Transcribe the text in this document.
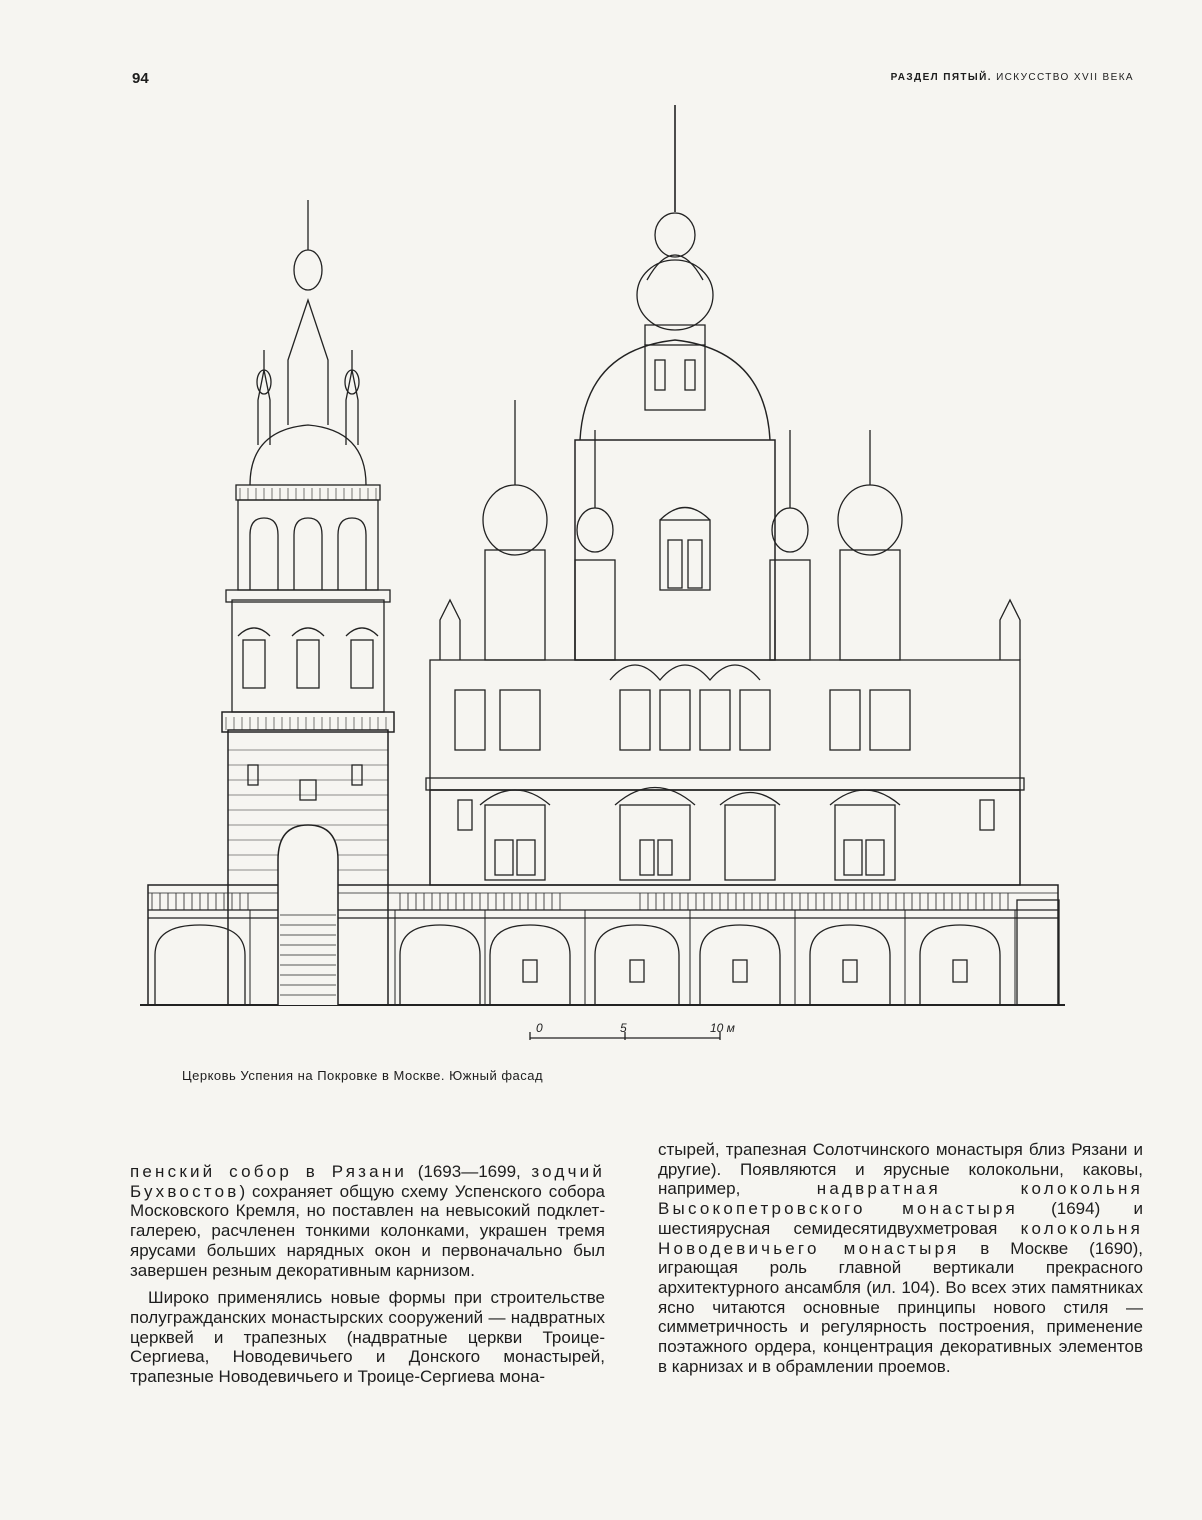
94	РАЗДЕЛ ПЯТЫЙ. ИСКУССТВО XVII ВЕКА
0	5	10 м
Церковь Успения на Покровке в Москве. Южный фасад

пенский собор в Рязани (1693—1699, зодчий Бухвостов) сохраняет общую схему Успенского собора Московского Кремля, но поставлен на невысокий подклет-галерею, расчленен тонкими колонками, украшен тремя ярусами больших нарядных окон и первоначально был завершен резным декоративным карнизом.

Широко применялись новые формы при строительстве полугражданских монастырских сооружений — надвратных церквей и трапезных (надвратные церкви Троице-Сергиева, Новодевичьего и Донского монастырей, трапезные Новодевичьего и Троице-Сергиева мона-

стырей, трапезная Солотчинского монастыря близ Рязани и другие). Появляются и ярусные колокольни, каковы, например, надвратная колокольня Высокопетровского монастыря (1694) и шестиярусная семидесятидвухметровая колокольня Новодевичьего монастыря в Москве (1690), играющая роль главной вертикали прекрасного архитектурного ансамбля (ил. 104). Во всех этих памятниках ясно читаются основные принципы нового стиля — симметричность и регулярность построения, применение поэтажного ордера, концентрация декоративных элементов в карнизах и в обрамлении проемов.
